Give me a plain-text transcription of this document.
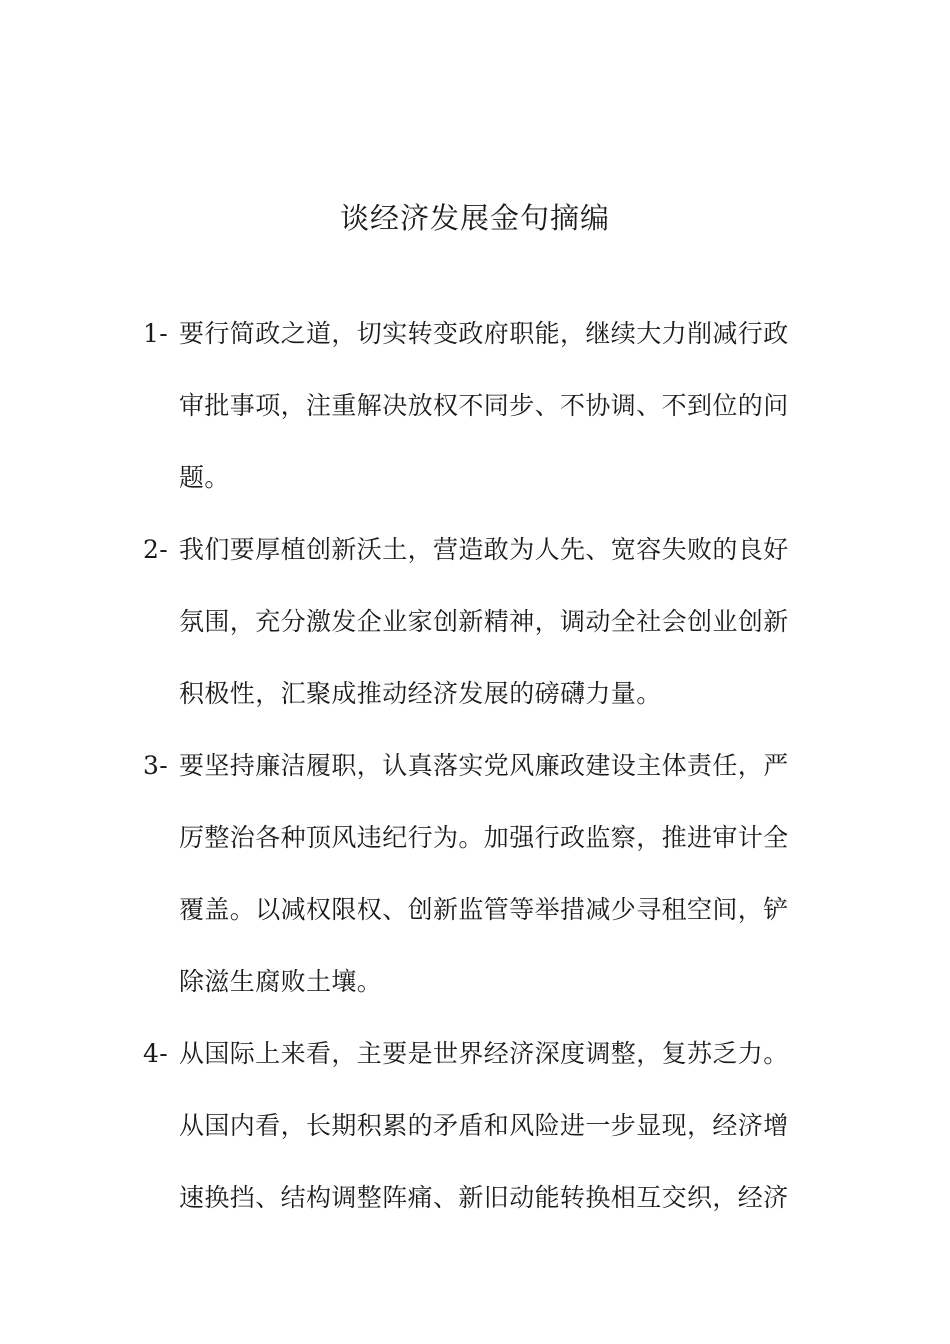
谈经济发展金句摘编
1- 要行简政之道，切实转变政府职能，继续大力削减行政审批事项，注重解决放权不同步、不协调、不到位的问题。
2- 我们要厚植创新沃土，营造敢为人先、宽容失败的良好氛围，充分激发企业家创新精神，调动全社会创业创新积极性，汇聚成推动经济发展的磅礴力量。
3- 要坚持廉洁履职，认真落实党风廉政建设主体责任，严厉整治各种顶风违纪行为。加强行政监察，推进审计全覆盖。以减权限权、创新监管等举措减少寻租空间，铲除滋生腐败土壤。
4- 从国际上来看，主要是世界经济深度调整，复苏乏力。从国内看，长期积累的矛盾和风险进一步显现，经济增速换挡、结构调整阵痛、新旧动能转换相互交织，经济
